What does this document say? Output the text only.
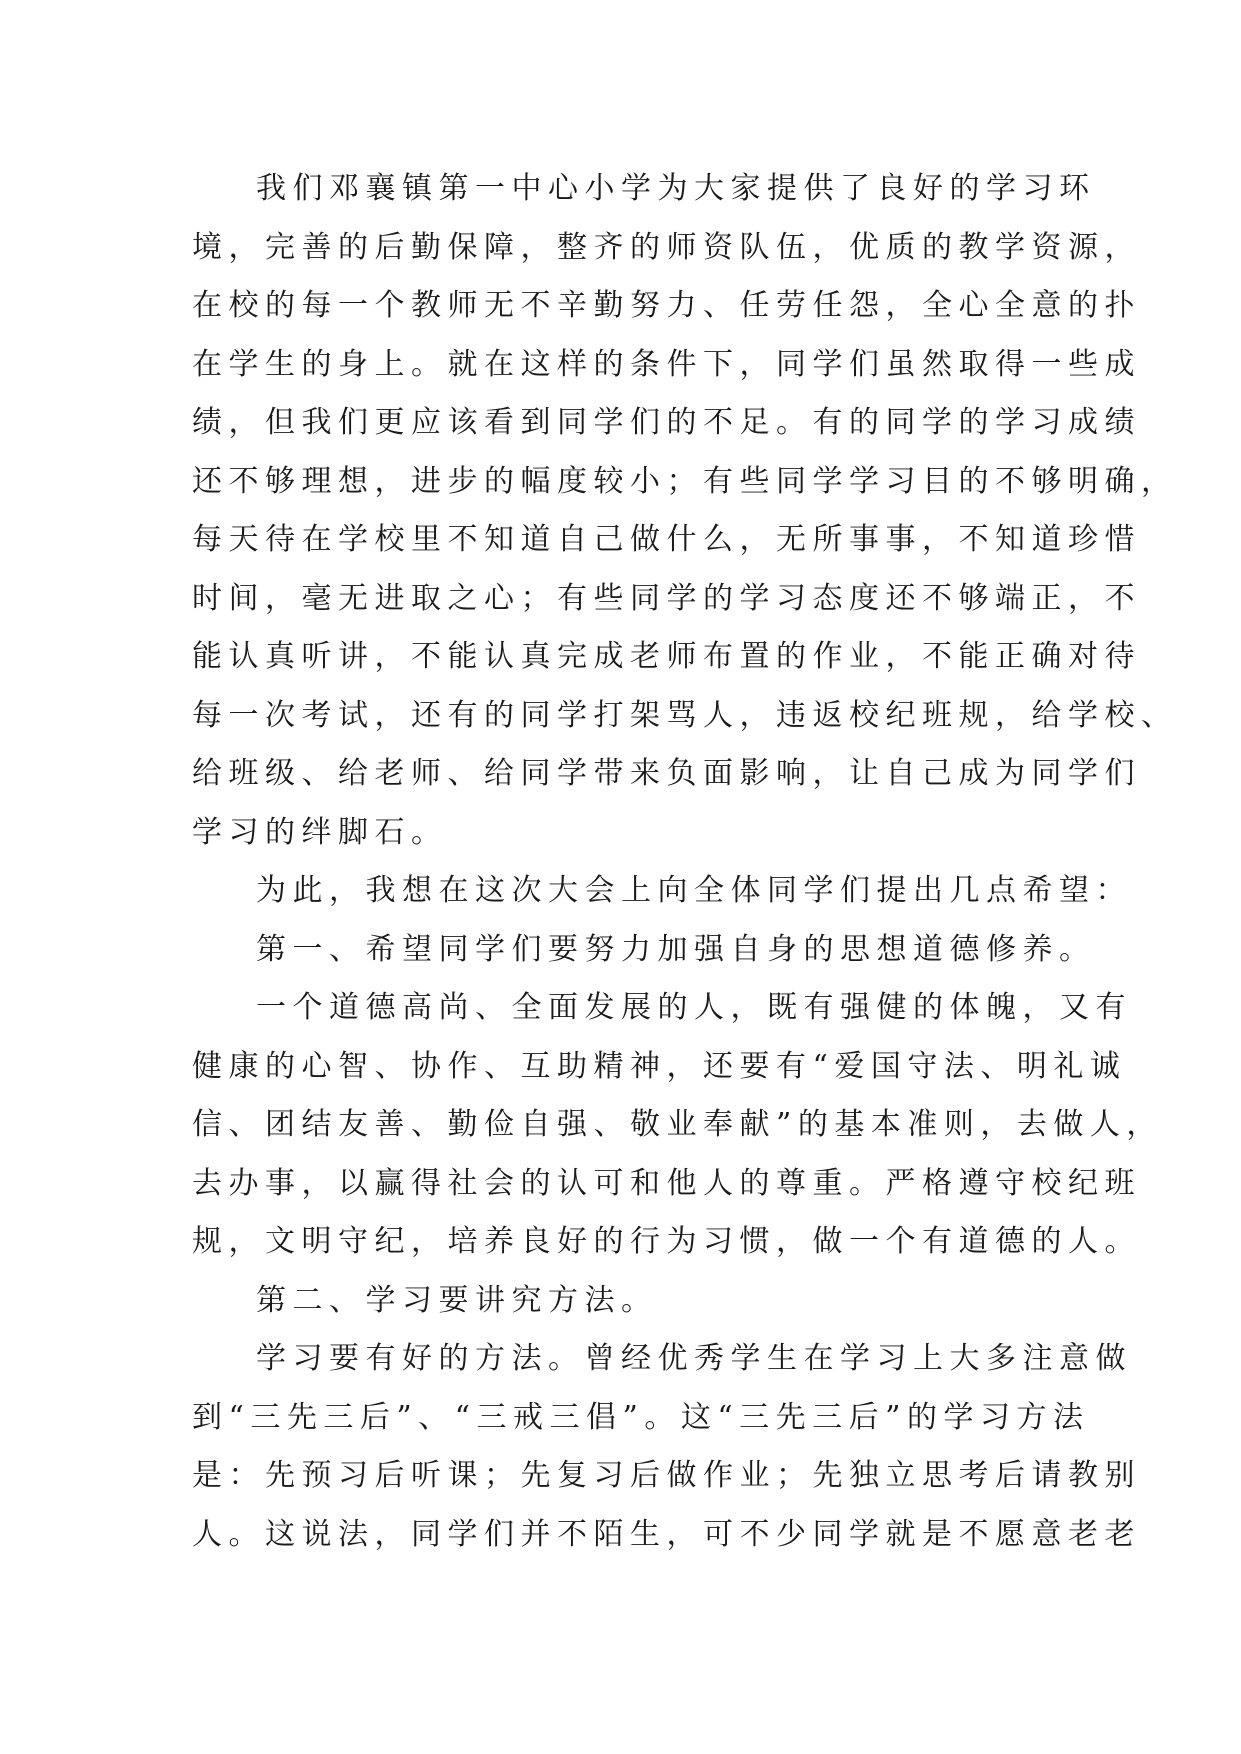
我们邓襄镇第一中心小学为大家提供了良好的学习环
境，完善的后勤保障，整齐的师资队伍，优质的教学资源，
在校的每一个教师无不辛勤努力、任劳任怨，全心全意的扑
在学生的身上。就在这样的条件下，同学们虽然取得一些成
绩，但我们更应该看到同学们的不足。有的同学的学习成绩
还不够理想，进步的幅度较小；有些同学学习目的不够明确，
每天待在学校里不知道自己做什么，无所事事，不知道珍惜
时间，毫无进取之心；有些同学的学习态度还不够端正，不
能认真听讲，不能认真完成老师布置的作业，不能正确对待
每一次考试，还有的同学打架骂人，违返校纪班规，给学校、
给班级、给老师、给同学带来负面影响，让自己成为同学们
学习的绊脚石。
为此，我想在这次大会上向全体同学们提出几点希望：
第一、希望同学们要努力加强自身的思想道德修养。
一个道德高尚、全面发展的人，既有强健的体魄，又有
健康的心智、协作、互助精神，还要有“爱国守法、明礼诚
信、团结友善、勤俭自强、敬业奉献”的基本准则，去做人，
去办事，以赢得社会的认可和他人的尊重。严格遵守校纪班
规，文明守纪，培养良好的行为习惯，做一个有道德的人。
第二、学习要讲究方法。
学习要有好的方法。曾经优秀学生在学习上大多注意做
到“三先三后”、“三戒三倡”。这“三先三后”的学习方法
是：先预习后听课；先复习后做作业；先独立思考后请教别
人。这说法，同学们并不陌生，可不少同学就是不愿意老老
